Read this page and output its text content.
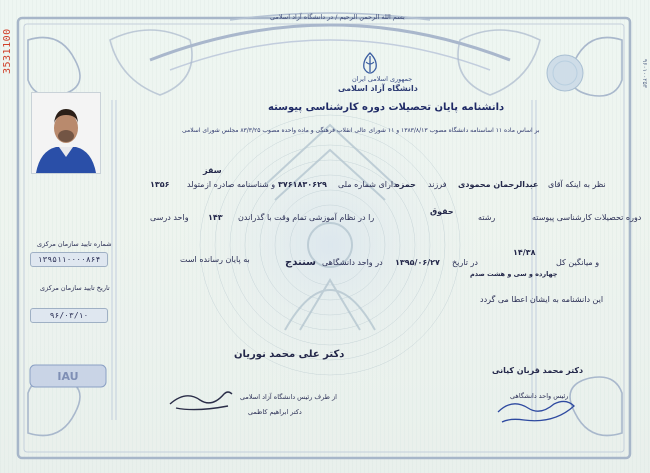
IAU
3531100	۹۶۰۱۰۰۲۵۳
بسم الله الرحمن الرحیم / در دانشگاه آزاد اسلامی
جمهوری اسلامی ایران
دانشگاه آزاد اسلامی
دانشنامه پایان تحصیلات دوره کارشناسی پیوسته
بر اساس ماده ۱۱ اساسنامه دانشگاه مصوب ۱۳۸۳/۸/۱۳ و ۱۱ شورای عالی انقلاب فرهنگی و ماده واحده مصوب ۸۳/۳/۲۵ مجلس شورای اسلامی
نظر به اینکه آقای
عبدالرحمان محمودی
فرزند
حمزه
دارای شماره ملی
۳۷۶۱۸۳۰۶۲۹
و شناسنامه صادره از
سقز
متولد
۱۳۵۶
دوره تحصیلات کارشناسی پیوسته
رشته
حقوق
را در نظام آموزشی تمام وقت با گذراندن
۱۴۳
واحد درسی
و میانگین کل
۱۴/۳۸
چهارده و سی و هشت صدم
در تاریخ
۱۳۹۵/۰۶/۲۷
در واحد دانشگاهی
سنندج
به پایان رسانده است
این دانشنامه به ایشان اعطا می گردد
شماره تایید سازمان مرکزی
۱۳۹۵۱۱۰۰۰۰۸۶۴
تاریخ تایید سازمان مرکزی
۹۶/۰۳/۱۰
دکتر علی محمد نوریان
از طرف رئیس دانشگاه آزاد اسلامی
دکتر ابراهیم کاظمی
دکتر محمد قربان کیانی
رئیس واحد دانشگاهی
